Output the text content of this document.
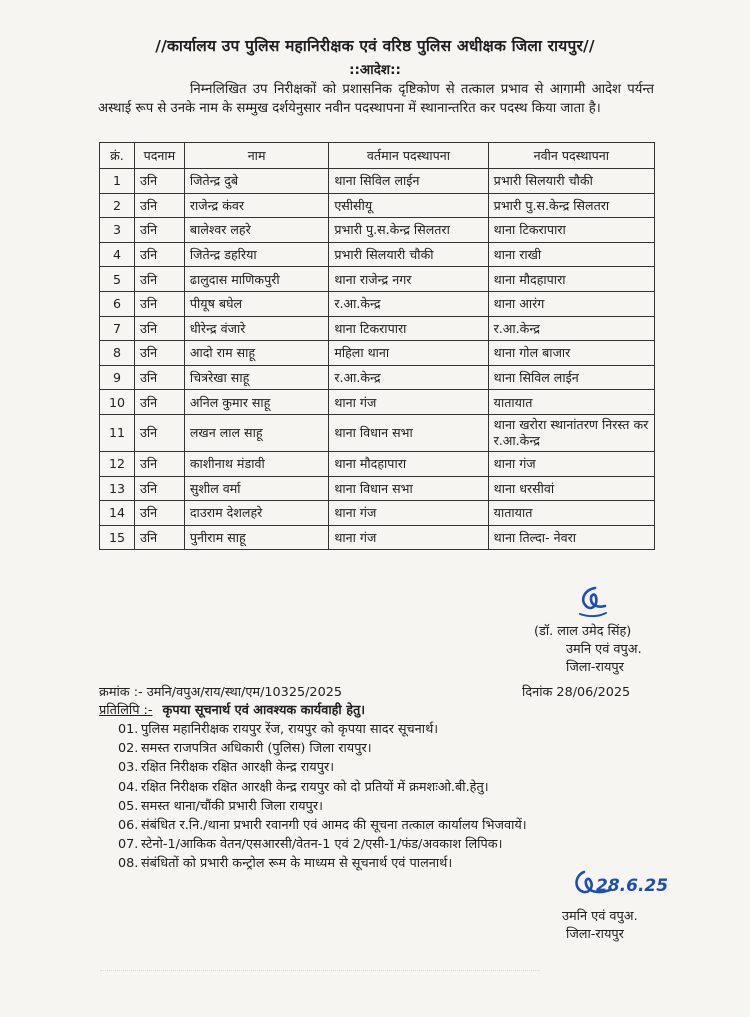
//कार्यालय उप पुलिस महानिरीक्षक एवं वरिष्ठ पुलिस अधीक्षक जिला रायपुर//
::आदेश::
निम्नलिखित उप निरीक्षकों को प्रशासनिक दृष्टिकोण से तत्काल प्रभाव से आगामी आदेश पर्यन्त अस्थाई रूप से उनके नाम के सम्मुख दर्शयेनुसार नवीन पदस्थापना में स्थानान्तरित कर पदस्थ किया जाता है।
क्रं.	पदनाम	नाम	वर्तमान पदस्थापना	नवीन पदस्थापना
1	उनि	जितेन्द्र दुबे	थाना सिविल लाईन	प्रभारी सिलयारी चौकी
2	उनि	राजेन्द्र कंवर	एसीसीयू	प्रभारी पु.स.केन्द्र सिलतरा
3	उनि	बालेश्वर लहरे	प्रभारी पु.स.केन्द्र सिलतरा	थाना टिकरापारा
4	उनि	जितेन्द्र डहरिया	प्रभारी सिलयारी चौकी	थाना राखी
5	उनि	ढालुदास माणिकपुरी	थाना राजेन्द्र नगर	थाना मौदहापारा
6	उनि	पीयूष बघेल	र.आ.केन्द्र	थाना आरंग
7	उनि	धीरेन्द्र वंजारे	थाना टिकरापारा	र.आ.केन्द्र
8	उनि	आदो राम साहू	महिला थाना	थाना गोल बाजार
9	उनि	चित्ररेखा साहू	र.आ.केन्द्र	थाना सिविल लाईन
10	उनि	अनिल कुमार साहू	थाना गंज	यातायात
11	उनि	लखन लाल साहू	थाना विधान सभा	थाना खरोरा स्थानांतरण निरस्त कर र.आ.केन्द्र
12	उनि	काशीनाथ मंडावी	थाना मौदहापारा	थाना गंज
13	उनि	सुशील वर्मा	थाना विधान सभा	थाना धरसीवां
14	उनि	दाउराम देशलहरे	थाना गंज	यातायात
15	उनि	पुनीराम साहू	थाना गंज	थाना तिल्दा- नेवरा
(डॉ. लाल उमेद सिंह)
उमनि एवं वपुअ.
जिला-रायपुर
क्रमांक :- उमनि/वपुअ/राय/स्था/एम/10325/2025	दिनांक 28/06/2025
प्रतिलिपि :- कृपया सूचनार्थ एवं आवश्यक कार्यवाही हेतु।
01. पुलिस महानिरीक्षक रायपुर रेंज, रायपुर को कृपया सादर सूचनार्थ।
02. समस्त राजपत्रित अधिकारी (पुलिस) जिला रायपुर।
03. रक्षित निरीक्षक रक्षित आरक्षी केन्द्र रायपुर।
04. रक्षित निरीक्षक रक्षित आरक्षी केन्द्र रायपुर को दो प्रतियों में क्रमशःओ.बी.हेतु।
05. समस्त थाना/चौंकी प्रभारी जिला रायपुर।
06. संबंधित र.नि./थाना प्रभारी रवानगी एवं आमद की सूचना तत्काल कार्यालय भिजवायें।
07. स्टेनो-1/आकिक वेतन/एसआरसी/वेतन-1 एवं 2/एसी-1/फंड/अवकाश लिपिक।
08. संबंधितों को प्रभारी कन्ट्रोल रूम के माध्यम से सूचनार्थ एवं पालनार्थ।
28.6.25
उमनि एवं वपुअ.
जिला-रायपुर
